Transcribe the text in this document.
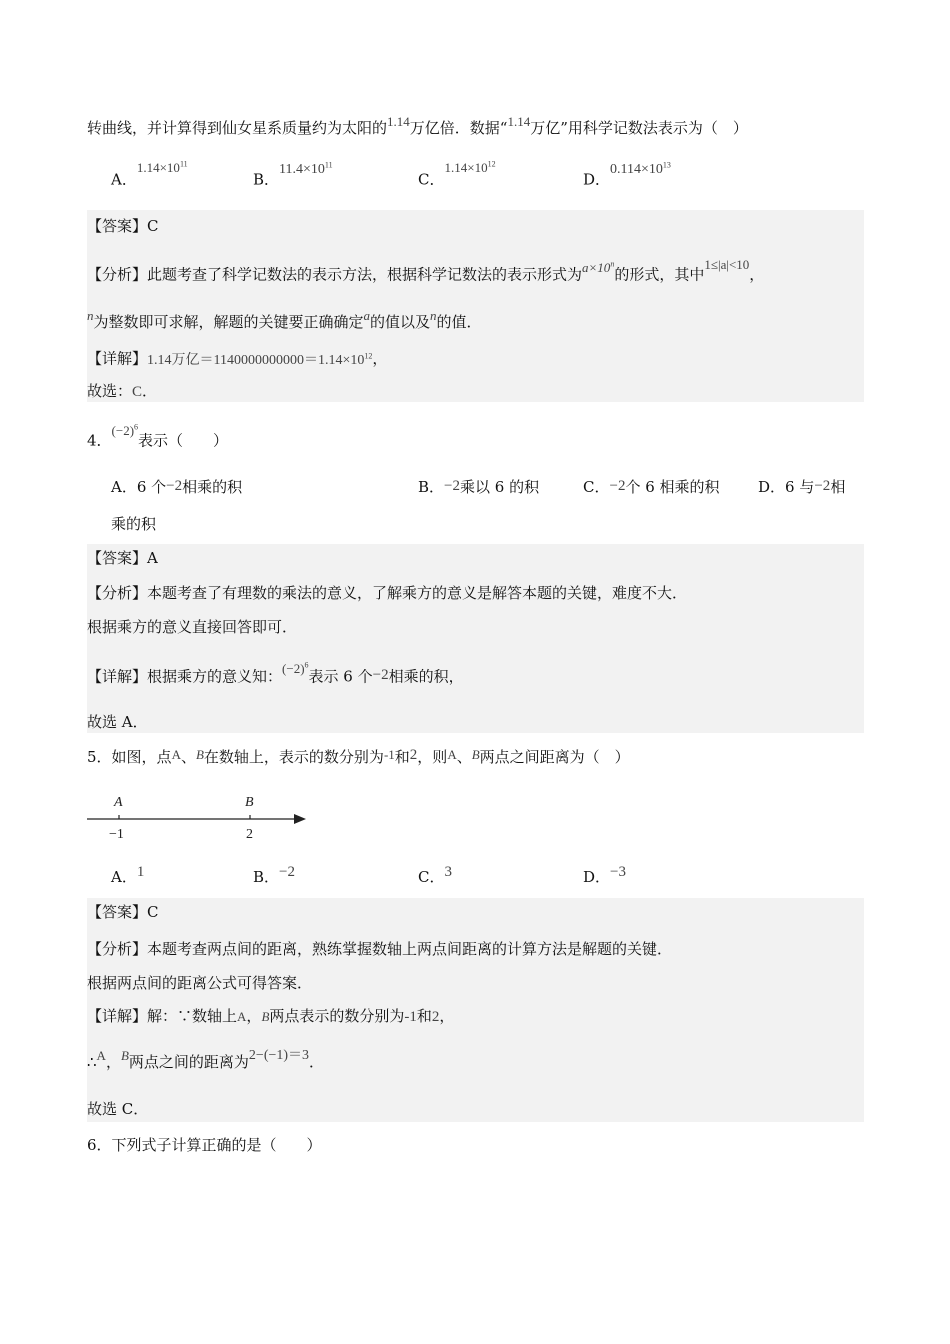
转曲线，并计算得到仙女星系质量约为太阳的1.14万亿倍．数据“1.14万亿”用科学记数法表示为（　）
A．$1.14\times 10^{11}$
B．$11.4\times 10^{11}$
C．$1.14\times 10^{12}$
D．$0.114\times 10^{13}$
【答案】C
【分析】此题考查了科学记数法的表示方法，根据科学记数法的表示形式为$a\times 10^n$的形式，其中1≤|a|<10，
n为整数即可求解，解题的关键要正确确定a的值以及n的值．
【详解】1.14万亿$=1140000000000=1.14\times 10^{12}$，
故选：C．
4．$(-2)^6$表示（　　）
A．6 个−2相乘的积	B．−2乘以 6 的积	C．−2个 6 相乘的积	D．6 与−2相
乘的积
【答案】A
【分析】本题考查了有理数的乘法的意义，了解乘方的意义是解答本题的关键，难度不大．
根据乘方的意义直接回答即可．
【详解】根据乘方的意义知：$(-2)^6$表示 6 个−2相乘的积，
故选 A．
5．如图，点A、B在数轴上，表示的数分别为-1和2，则A、B两点之间距离为（　）
A	B
−1	2
A．1	B．−2	C．3	D．−3
【答案】C
【分析】本题考查两点间的距离，熟练掌握数轴上两点间距离的计算方法是解题的关键．
根据两点间的距离公式可得答案．
【详解】解：∵数轴上A，B两点表示的数分别为-1和2，
∴A，B两点之间的距离为2−(−1)＝3．
故选 C．
6．下列式子计算正确的是（　　）
